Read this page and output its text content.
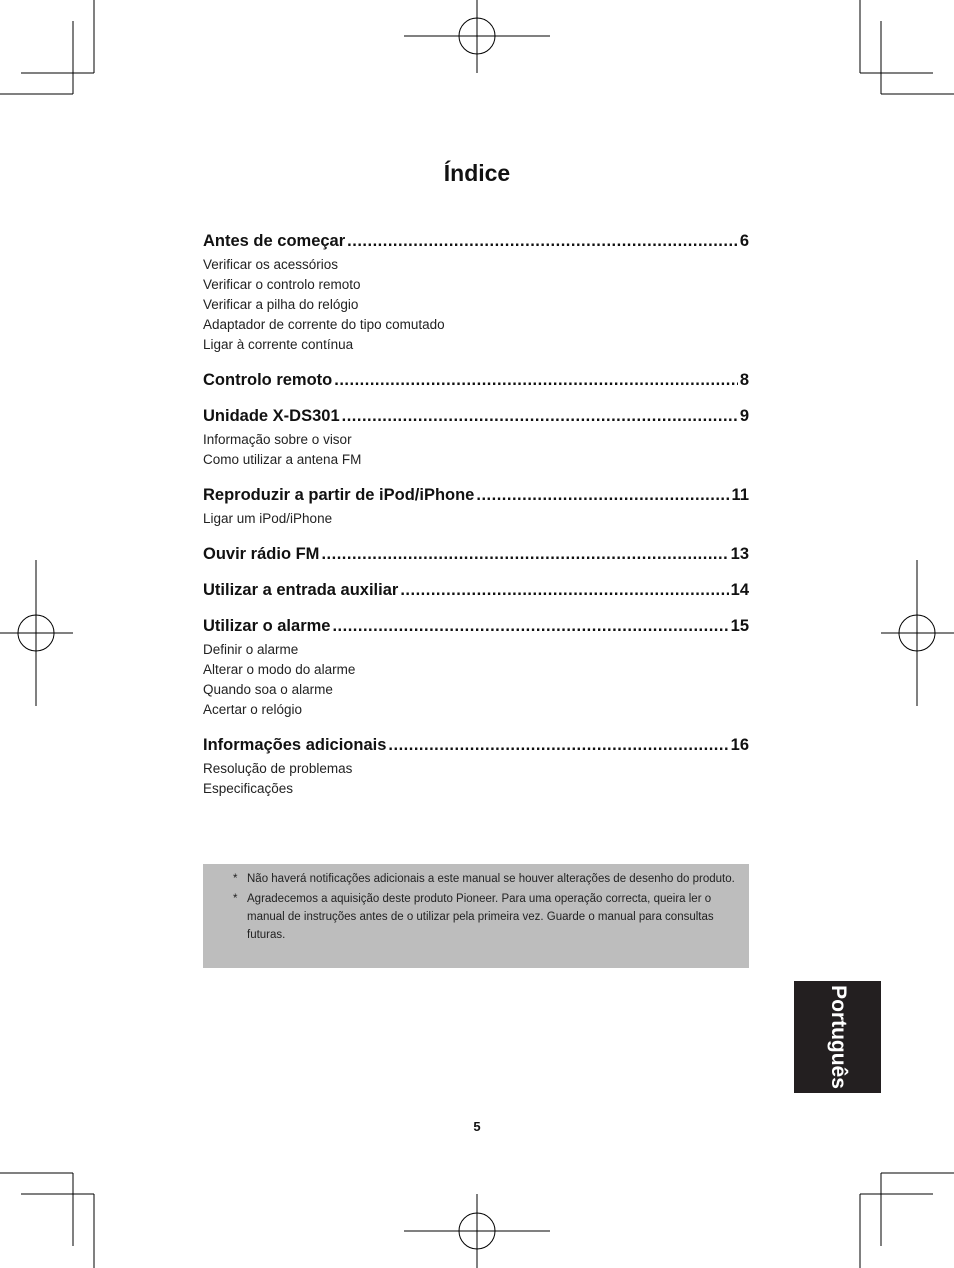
Índice
Antes de começar .....	6
Verificar os acessórios
Verificar o controlo remoto
Verificar a pilha do relógio
Adaptador de corrente do tipo comutado
Ligar à corrente contínua
Controlo remoto .....	8
Unidade X-DS301 .....	9
Informação sobre o visor
Como utilizar a antena FM
Reproduzir a partir de iPod/iPhone .....	11
Ligar um iPod/iPhone
Ouvir rádio FM .....	13
Utilizar a entrada auxiliar .....	14
Utilizar o alarme .....	15
Definir o alarme
Alterar o modo do alarme
Quando soa o alarme
Acertar o relógio
Informações adicionais .....	16
Resolução de problemas
Especificações
* Não haverá notificações adicionais a este manual se houver alterações de desenho do produto.
* Agradecemos a aquisição deste produto Pioneer. Para uma operação correcta, queira ler o manual de instruções antes de o utilizar pela primeira vez. Guarde o manual para consultas futuras.
Português
5
